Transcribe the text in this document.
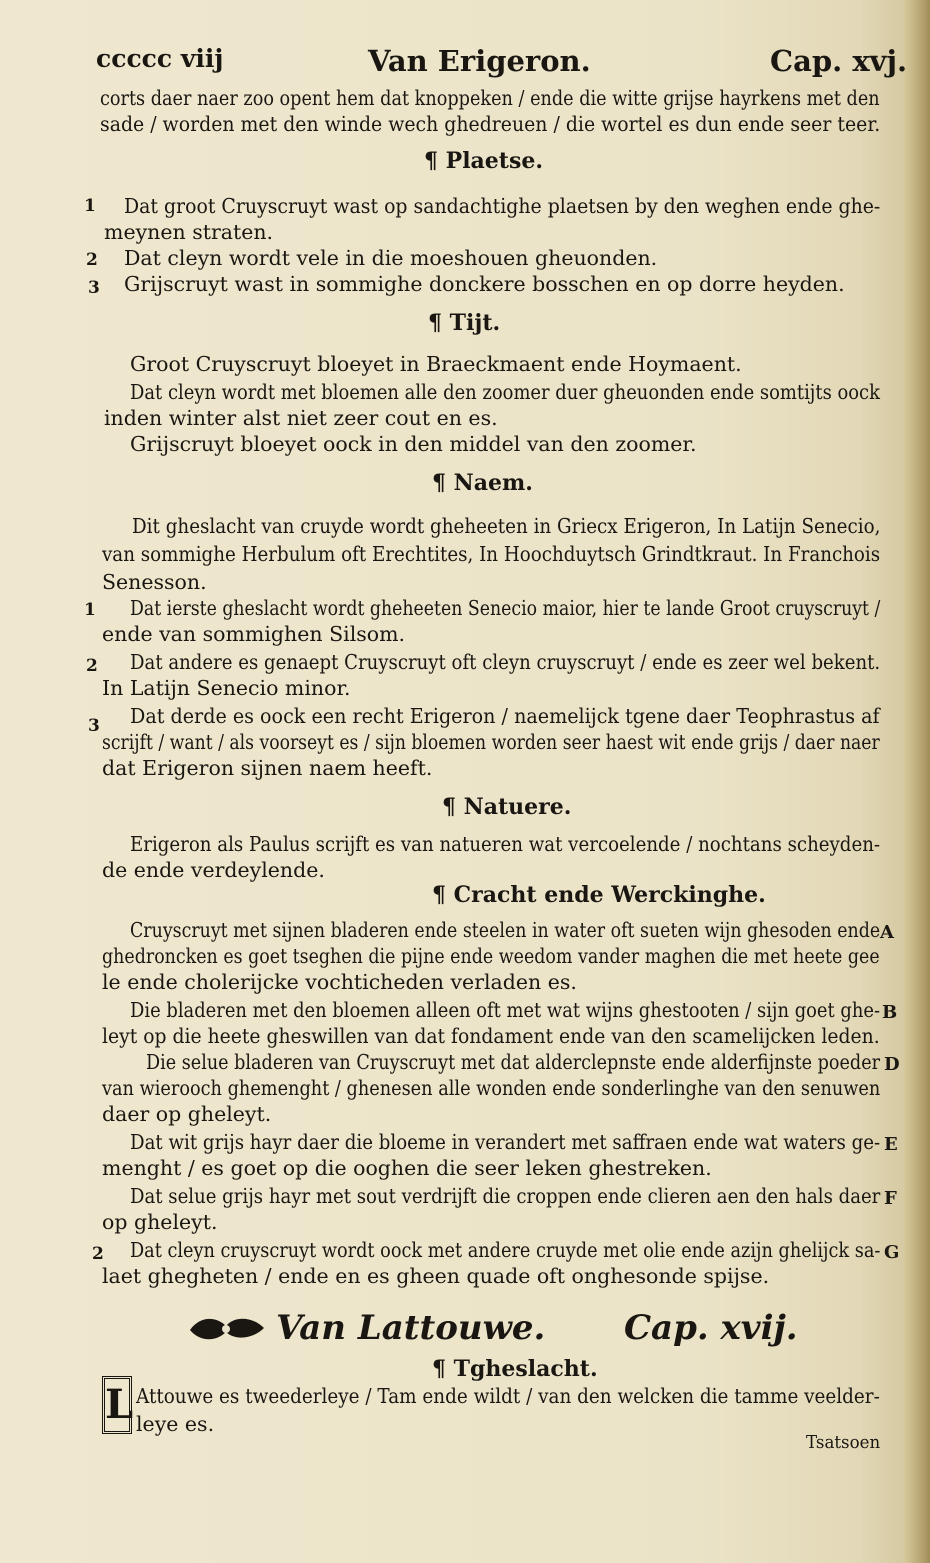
ccccc viij	Van Erigeron.	Cap. xvj.
corts daer naer zoo opent hem dat knoppeken / ende die witte grijse hayrkens met den
sade / worden met den winde wech ghedreuen / die wortel es dun ende seer teer.
¶ Plaetse.
1 Dat groot Cruyscruyt wast op sandachtighe plaetsen by den weghen ende ghe-
meynen straten.
2 Dat cleyn wordt vele in die moeshouen gheuonden.
3 Grijscruyt wast in sommighe donckere bosschen en op dorre heyden.
¶ Tijt.
Groot Cruyscruyt bloeyet in Braeckmaent ende Hoymaent.
Dat cleyn wordt met bloemen alle den zoomer duer gheuonden ende somtijts oock
inden winter alst niet zeer cout en es.
Grijscruyt bloeyet oock in den middel van den zoomer.
¶ Naem.
Dit gheslacht van cruyde wordt gheheeten in Griecx Erigeron, In Latijn Senecio,
van sommighe Herbulum oft Erechtites, In Hoochduytsch Grindtkraut. In Franchois
Senesson.
1 Dat ierste gheslacht wordt gheheeten Senecio maior, hier te lande Groot cruyscruyt /
ende van sommighen Silsom.
2 Dat andere es genaept Cruyscruyt oft cleyn cruyscruyt / ende es zeer wel bekent.
In Latijn Senecio minor.
3 Dat derde es oock een recht Erigeron / naemelijck tgene daer Teophrastus af
scrijft / want / als voorseyt es / sijn bloemen worden seer haest wit ende grijs / daer naer
dat Erigeron sijnen naem heeft.
¶ Natuere.
Erigeron als Paulus scrijft es van natueren wat vercoelende / nochtans scheyden-
de ende verdeylende.
¶ Cracht ende Werckinghe.
Cruyscruyt met sijnen bladeren ende steelen in water oft sueten wijn ghesoden ende A
ghedroncken es goet tseghen die pijne ende weedom vander maghen die met heete gee
le ende cholerijcke vochticheden verladen es.
Die bladeren met den bloemen alleen oft met wat wijns ghestooten / sijn goet ghe- B
leyt op die heete gheswillen van dat fondament ende van den scamelijcken leden.
Die selue bladeren van Cruyscruyt met dat alderclepnste ende alderfijnste poeder D
van wierooch ghemenght / ghenesen alle wonden ende sonderlinghe van den senuwen
daer op gheleyt.
Dat wit grijs hayr daer die bloeme in verandert met saffraen ende wat waters ge- E
menght / es goet op die ooghen die seer leken ghestreken.
Dat selue grijs hayr met sout verdrijft die croppen ende clieren aen den hals daer F
op gheleyt.
2 Dat cleyn cruyscruyt wordt oock met andere cruyde met olie ende azijn ghelijck sa- G
laet ghegheten / ende en es gheen quade oft onghesonde spijse.
Van Lattouwe. Cap. xvij.
¶ Tgheslacht.
L Attouwe es tweederleye / Tam ende wildt / van den welcken die tamme veelder-
leye es.
Tsatsoen
